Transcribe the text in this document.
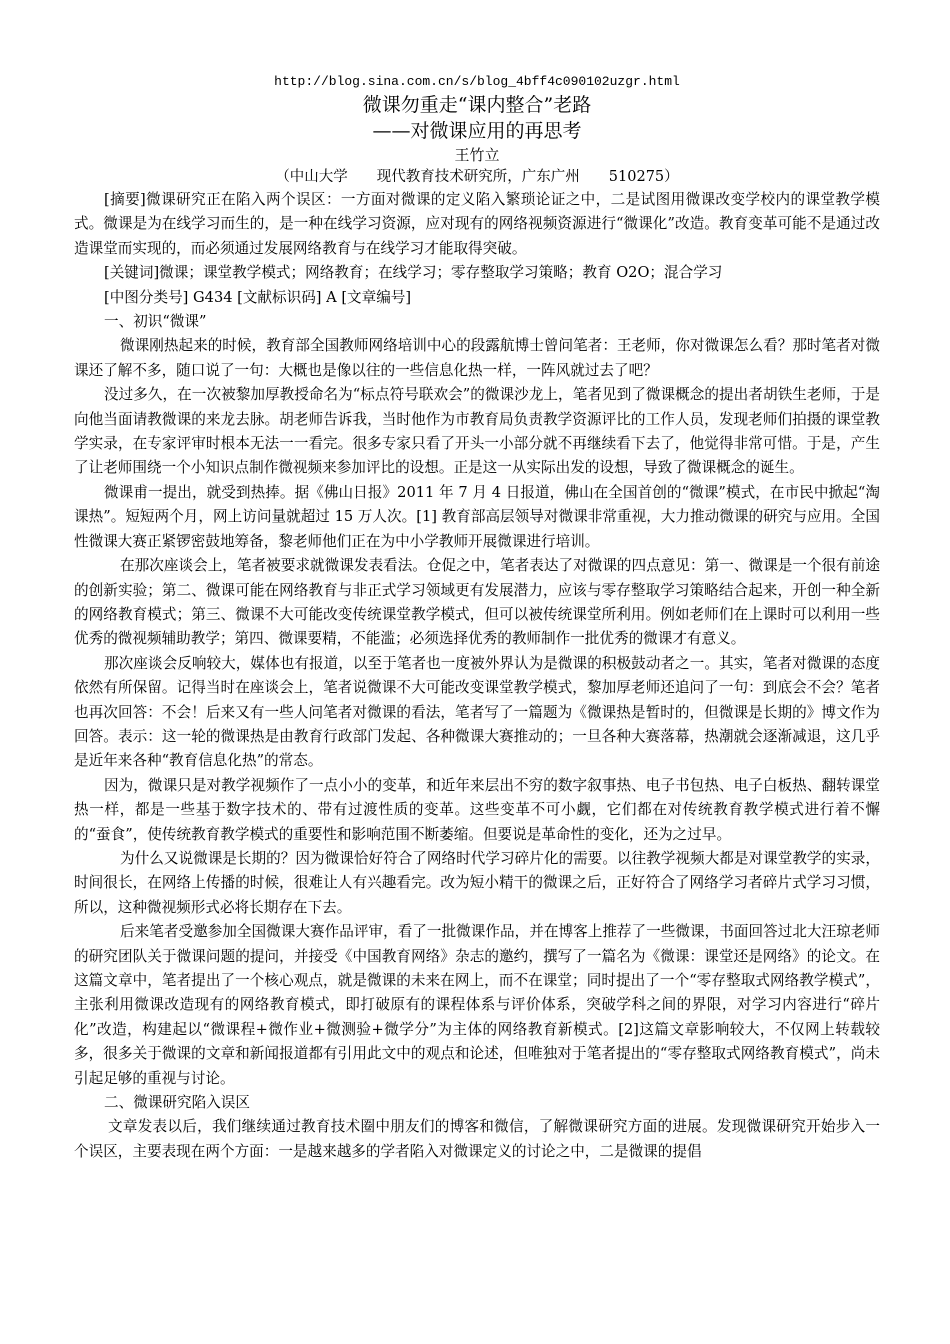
http://blog.sina.com.cn/s/blog_4bff4c090102uzgr.html
微课勿重走“课内整合”老路
——对微课应用的再思考
王竹立
（中山大学　　现代教育技术研究所，广东广州　　510275）

[摘要]微课研究正在陷入两个误区：一方面对微课的定义陷入繁琐论证之中，二是试图用微课改变学校内的课堂教学模式。微课是为在线学习而生的，是一种在线学习资源，应对现有的网络视频资源进行“微课化”改造。教育变革可能不是通过改造课堂而实现的，而必须通过发展网络教育与在线学习才能取得突破。

[关键词]微课；课堂教学模式；网络教育；在线学习；零存整取学习策略；教育 O2O；混合学习

[中图分类号] G434 [文献标识码] A [文章编号]

一、初识“微课”

微课刚热起来的时候，教育部全国教师网络培训中心的段露航博士曾问笔者：王老师，你对微课怎么看？那时笔者对微课还了解不多，随口说了一句：大概也是像以往的一些信息化热一样，一阵风就过去了吧？

没过多久，在一次被黎加厚教授命名为“标点符号联欢会”的微课沙龙上，笔者见到了微课概念的提出者胡铁生老师，于是向他当面请教微课的来龙去脉。胡老师告诉我，当时他作为市教育局负责教学资源评比的工作人员，发现老师们拍摄的课堂教学实录，在专家评审时根本无法一一看完。很多专家只看了开头一小部分就不再继续看下去了，他觉得非常可惜。于是，产生了让老师围绕一个小知识点制作微视频来参加评比的设想。正是这一从实际出发的设想，导致了微课概念的诞生。

微课甫一提出，就受到热捧。据《佛山日报》2011 年 7 月 4 日报道，佛山在全国首创的“微课”模式，在市民中掀起“淘课热”。短短两个月，网上访问量就超过 15 万人次。[1] 教育部高层领导对微课非常重视，大力推动微课的研究与应用。全国性微课大赛正紧锣密鼓地筹备，黎老师他们正在为中小学教师开展微课进行培训。

在那次座谈会上，笔者被要求就微课发表看法。仓促之中，笔者表达了对微课的四点意见：第一、微课是一个很有前途的创新实验；第二、微课可能在网络教育与非正式学习领域更有发展潜力，应该与零存整取学习策略结合起来，开创一种全新的网络教育模式；第三、微课不大可能改变传统课堂教学模式，但可以被传统课堂所利用。例如老师们在上课时可以利用一些优秀的微视频辅助教学；第四、微课要精，不能滥；必须选择优秀的教师制作一批优秀的微课才有意义。

那次座谈会反响较大，媒体也有报道，以至于笔者也一度被外界认为是微课的积极鼓动者之一。其实，笔者对微课的态度依然有所保留。记得当时在座谈会上，笔者说微课不大可能改变课堂教学模式，黎加厚老师还追问了一句：到底会不会？笔者也再次回答：不会！后来又有一些人问笔者对微课的看法，笔者写了一篇题为《微课热是暂时的，但微课是长期的》博文作为回答。表示：这一轮的微课热是由教育行政部门发起、各种微课大赛推动的；一旦各种大赛落幕，热潮就会逐渐减退，这几乎是近年来各种“教育信息化热”的常态。

因为，微课只是对教学视频作了一点小小的变革，和近年来层出不穷的数字叙事热、电子书包热、电子白板热、翻转课堂热一样，都是一些基于数字技术的、带有过渡性质的变革。这些变革不可小觑，它们都在对传统教育教学模式进行着不懈的“蚕食”，使传统教育教学模式的重要性和影响范围不断萎缩。但要说是革命性的变化，还为之过早。

为什么又说微课是长期的？因为微课恰好符合了网络时代学习碎片化的需要。以往教学视频大都是对课堂教学的实录，时间很长，在网络上传播的时候，很难让人有兴趣看完。改为短小精干的微课之后，正好符合了网络学习者碎片式学习习惯，所以，这种微视频形式必将长期存在下去。

后来笔者受邀参加全国微课大赛作品评审，看了一批微课作品，并在博客上推荐了一些微课，书面回答过北大汪琼老师的研究团队关于微课问题的提问，并接受《中国教育网络》杂志的邀约，撰写了一篇名为《微课：课堂还是网络》的论文。在这篇文章中，笔者提出了一个核心观点，就是微课的未来在网上，而不在课堂；同时提出了一个“零存整取式网络教学模式”，主张利用微课改造现有的网络教育模式，即打破原有的课程体系与评价体系，突破学科之间的界限，对学习内容进行“碎片化”改造，构建起以“微课程+微作业+微测验+微学分”为主体的网络教育新模式。[2]这篇文章影响较大，不仅网上转载较多，很多关于微课的文章和新闻报道都有引用此文中的观点和论述，但唯独对于笔者提出的“零存整取式网络教育模式”，尚未引起足够的重视与讨论。

二、微课研究陷入误区

文章发表以后，我们继续通过教育技术圈中朋友们的博客和微信，了解微课研究方面的进展。发现微课研究开始步入一个误区，主要表现在两个方面：一是越来越多的学者陷入对微课定义的讨论之中，二是微课的提倡
